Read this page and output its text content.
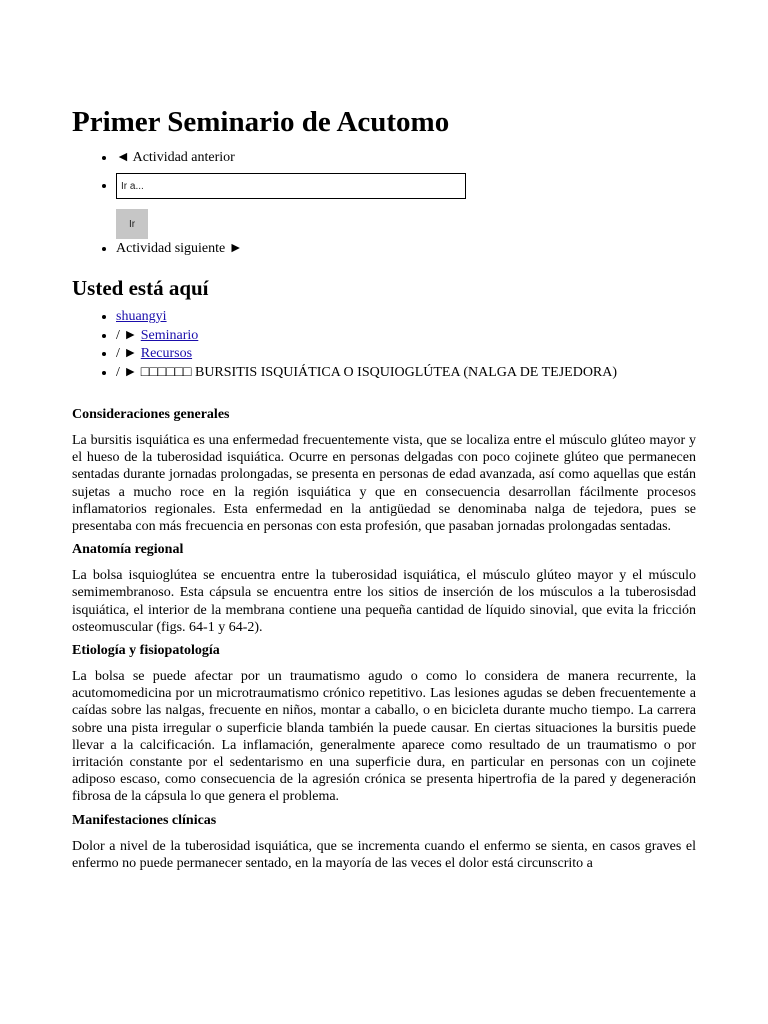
Primer Seminario de Acutomo
• ◄ Actividad anterior
Ir a...
• Ir
• Actividad siguiente ►
Usted está aquí
• shuangyi
• / ► Seminario
• / ► Recursos
• / ► □□□□□□ BURSITIS ISQUIÁTICA O ISQUIOGLÚTEA (NALGA DE TEJEDORA)
Consideraciones generales

La bursitis isquiática es una enfermedad frecuentemente vista, que se localiza entre el músculo glúteo mayor y el hueso de la tuberosidad isquiática. Ocurre en personas delgadas con poco cojinete glúteo que permanecen sentadas durante jornadas prolongadas, se presenta en personas de edad avanzada, así como aquellas que están sujetas a mucho roce en la región isquiática y que en consecuencia desarrollan fácilmente procesos inflamatorios regionales. Esta enfermedad en la antigüedad se denominaba nalga de tejedora, pues se presentaba con más frecuencia en personas con esta profesión, que pasaban jornadas prolongadas sentadas.

Anatomía regional

La bolsa isquioglútea se encuentra entre la tuberosidad isquiática, el músculo glúteo mayor y el músculo semimembranoso. Esta cápsula se encuentra entre los sitios de inserción de los músculos a la tuberosisdad isquiática, el interior de la membrana contiene una pequeña cantidad de líquido sinovial, que evita la fricción osteomuscular (figs. 64-1 y 64-2).

Etiología y fisiopatología

La bolsa se puede afectar por un traumatismo agudo o como lo considera de manera recurrente, la acutomomedicina por un microtraumatismo crónico repetitivo. Las lesiones agudas se deben frecuentemente a caídas sobre las nalgas, frecuente en niños, montar a caballo, o en bicicleta durante mucho tiempo. La carrera sobre una pista irregular o superficie blanda también la puede causar. En ciertas situaciones la bursitis puede llevar a la calcificación. La inflamación, generalmente aparece como resultado de un traumatismo o por irritación constante por el sedentarismo en una superficie dura, en particular en personas con un cojinete adiposo escaso, como consecuencia de la agresión crónica se presenta hipertrofia de la pared y degeneración fibrosa de la cápsula lo que genera el problema.

Manifestaciones clínicas

Dolor a nivel de la tuberosidad isquiática, que se incrementa cuando el enfermo se sienta, en casos graves el enfermo no puede permanecer sentado, en la mayoría de las veces el dolor está circunscrito a
